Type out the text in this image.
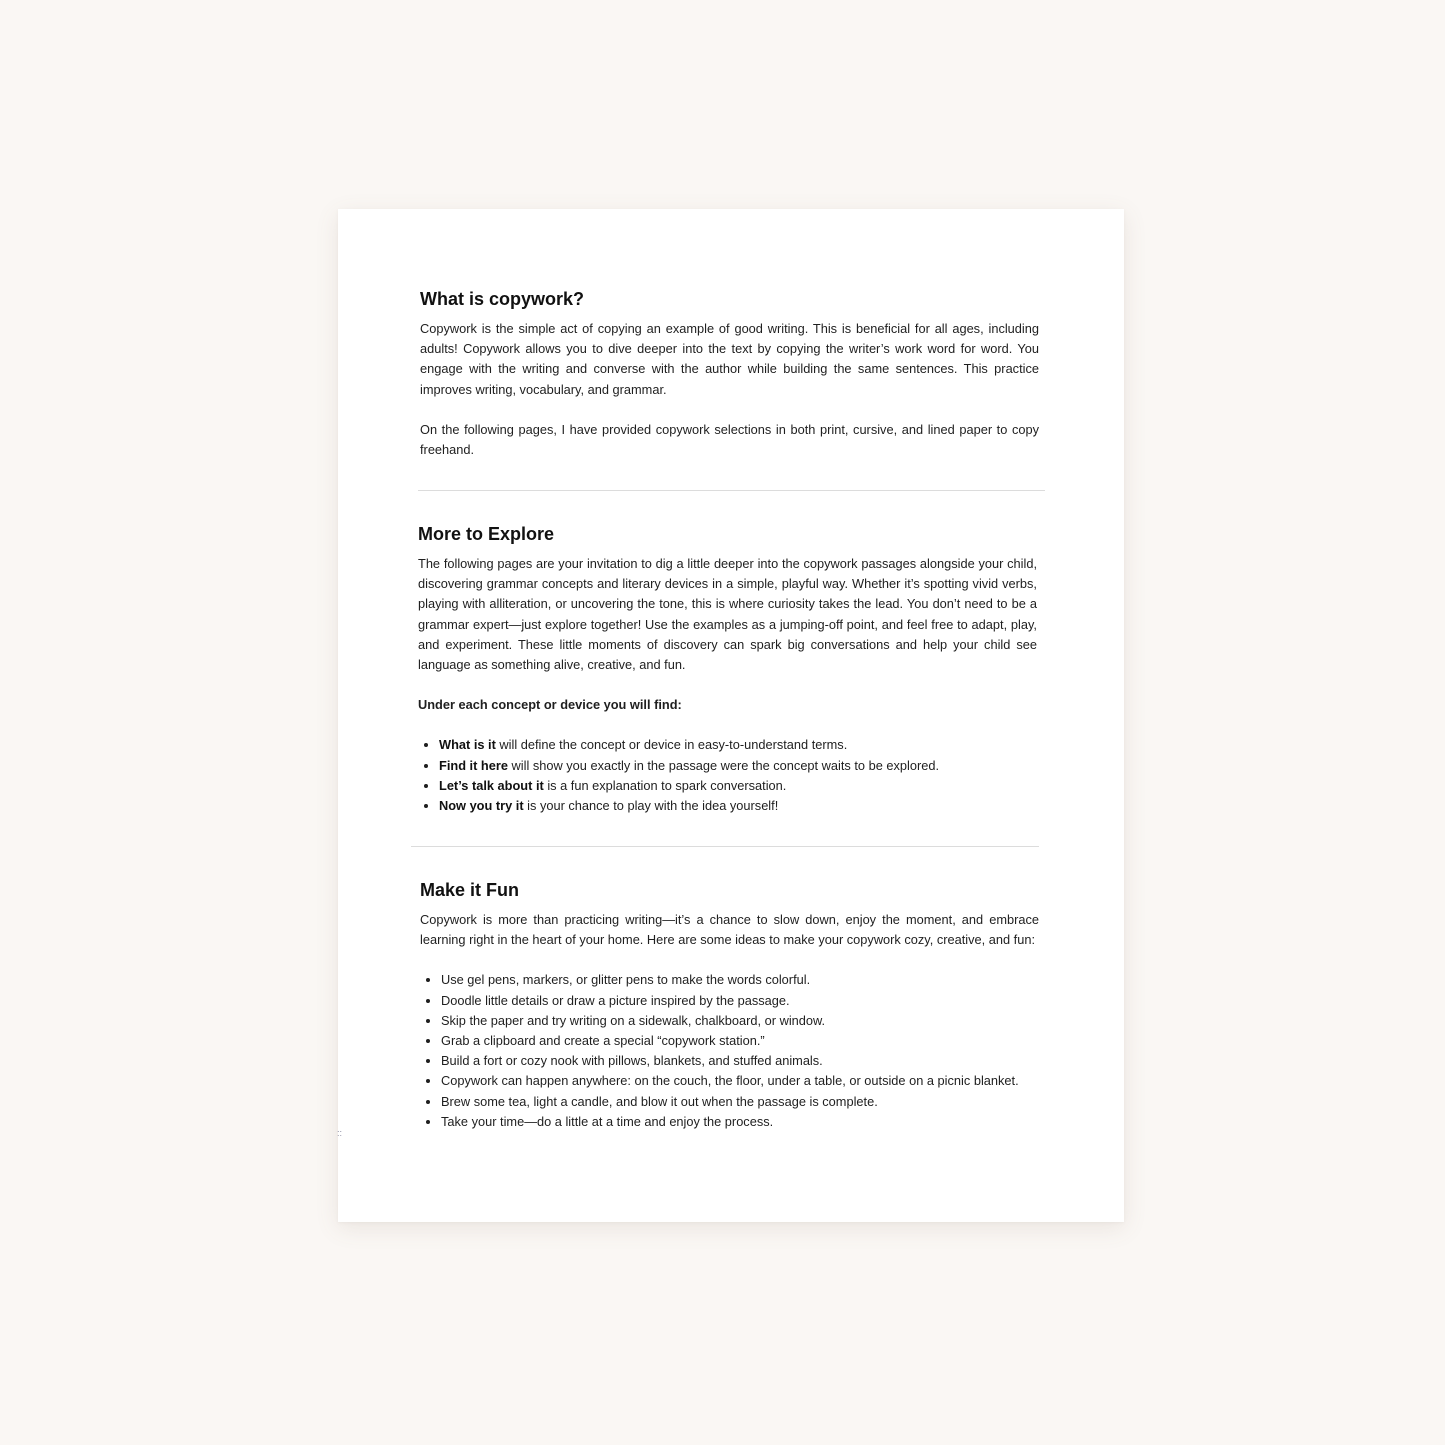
What is copywork?

Copywork is the simple act of copying an example of good writing. This is beneficial for all ages, including adults! Copywork allows you to dive deeper into the text by copying the writer’s work word for word. You engage with the writing and converse with the author while building the same sentences. This practice improves writing, vocabulary, and grammar.

On the following pages, I have provided copywork selections in both print, cursive, and lined paper to copy freehand.

More to Explore

The following pages are your invitation to dig a little deeper into the copywork passages alongside your child, discovering grammar concepts and literary devices in a simple, playful way. Whether it’s spotting vivid verbs, playing with alliteration, or uncovering the tone, this is where curiosity takes the lead. You don’t need to be a grammar expert—just explore together! Use the examples as a jumping-off point, and feel free to adapt, play, and experiment. These little moments of discovery can spark big conversations and help your child see language as something alive, creative, and fun.

Under each concept or device you will find:

• What is it will define the concept or device in easy-to-understand terms.
• Find it here will show you exactly in the passage were the concept waits to be explored.
• Let’s talk about it is a fun explanation to spark conversation.
• Now you try it is your chance to play with the idea yourself!
Make it Fun

Copywork is more than practicing writing—it’s a chance to slow down, enjoy the moment, and embrace learning right in the heart of your home. Here are some ideas to make your copywork cozy, creative, and fun:

• Use gel pens, markers, or glitter pens to make the words colorful.
• Doodle little details or draw a picture inspired by the passage.
• Skip the paper and try writing on a sidewalk, chalkboard, or window.
• Grab a clipboard and create a special “copywork station.”
• Build a fort or cozy nook with pillows, blankets, and stuffed animals.
• Copywork can happen anywhere: on the couch, the floor, under a table, or outside on a picnic blanket.
• Brew some tea, light a candle, and blow it out when the passage is complete.
• Take your time—do a little at a time and enjoy the process.
::
